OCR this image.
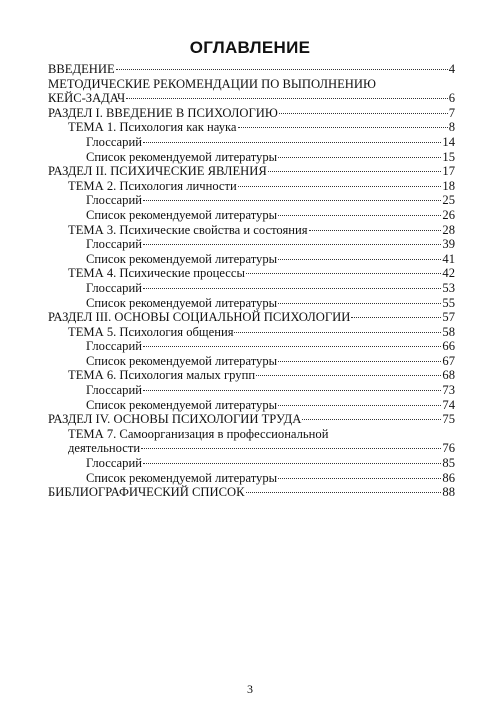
ОГЛАВЛЕНИЕ
ВВЕДЕНИЕ	4
МЕТОДИЧЕСКИЕ РЕКОМЕНДАЦИИ ПО ВЫПОЛНЕНИЮ
КЕЙС-ЗАДАЧ	6
РАЗДЕЛ I. ВВЕДЕНИЕ В ПСИХОЛОГИЮ	7
ТЕМА 1. Психология как наука	8
Глоссарий	14
Список рекомендуемой литературы	15
РАЗДЕЛ II. ПСИХИЧЕСКИЕ ЯВЛЕНИЯ	17
ТЕМА 2. Психология личности	18
Глоссарий	25
Список рекомендуемой литературы	26
ТЕМА 3. Психические свойства и состояния	28
Глоссарий	39
Список рекомендуемой литературы	41
ТЕМА 4. Психические процессы	42
Глоссарий	53
Список рекомендуемой литературы	55
РАЗДЕЛ III. ОСНОВЫ СОЦИАЛЬНОЙ ПСИХОЛОГИИ	57
ТЕМА 5. Психология общения	58
Глоссарий	66
Список рекомендуемой литературы	67
ТЕМА 6. Психология малых групп	68
Глоссарий	73
Список рекомендуемой литературы	74
РАЗДЕЛ IV. ОСНОВЫ ПСИХОЛОГИИ ТРУДА	75
ТЕМА 7. Самоорганизация в профессиональной
деятельности	76
Глоссарий	85
Список рекомендуемой литературы	86
БИБЛИОГРАФИЧЕСКИЙ СПИСОК	88
3
